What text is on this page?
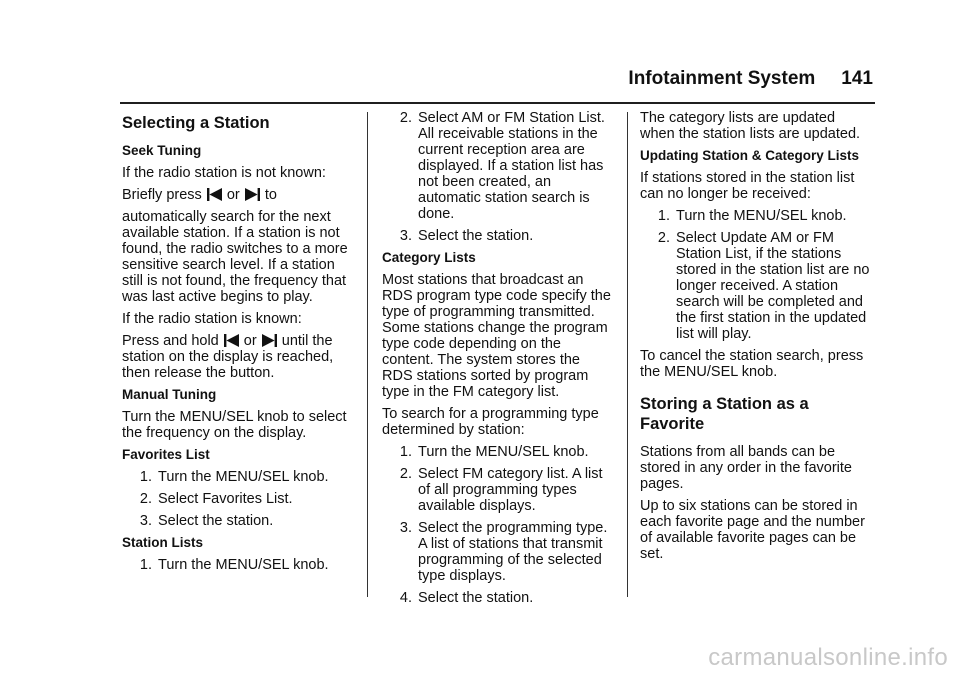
Infotainment System 141
Selecting a Station
Seek Tuning
If the radio station is not known:
Briefly press or to
automatically search for the next available station. If a station is not found, the radio switches to a more sensitive search level. If a station still is not found, the frequency that was last active begins to play.
If the radio station is known:
Press and hold or until the
station on the display is reached, then release the button.
Manual Tuning
Turn the MENU/SEL knob to select the frequency on the display.
Favorites List
1. Turn the MENU/SEL knob.
2. Select Favorites List.
3. Select the station.
Station Lists
1. Turn the MENU/SEL knob.
2. Select AM or FM Station List. All receivable stations in the current reception area are displayed. If a station list has not been created, an automatic station search is done.
3. Select the station.
Category Lists
Most stations that broadcast an RDS program type code specify the type of programming transmitted. Some stations change the program type code depending on the content. The system stores the RDS stations sorted by program type in the FM category list.
To search for a programming type determined by station:
1. Turn the MENU/SEL knob.
2. Select FM category list. A list of all programming types available displays.
3. Select the programming type. A list of stations that transmit programming of the selected type displays.
4. Select the station.
The category lists are updated when the station lists are updated.
Updating Station & Category Lists
If stations stored in the station list can no longer be received:
1. Turn the MENU/SEL knob.
2. Select Update AM or FM Station List, if the stations stored in the station list are no longer received. A station search will be completed and the first station in the updated list will play.
To cancel the station search, press the MENU/SEL knob.
Storing a Station as a Favorite
Stations from all bands can be stored in any order in the favorite pages.
Up to six stations can be stored in each favorite page and the number of available favorite pages can be set.
carmanualsonline.info
